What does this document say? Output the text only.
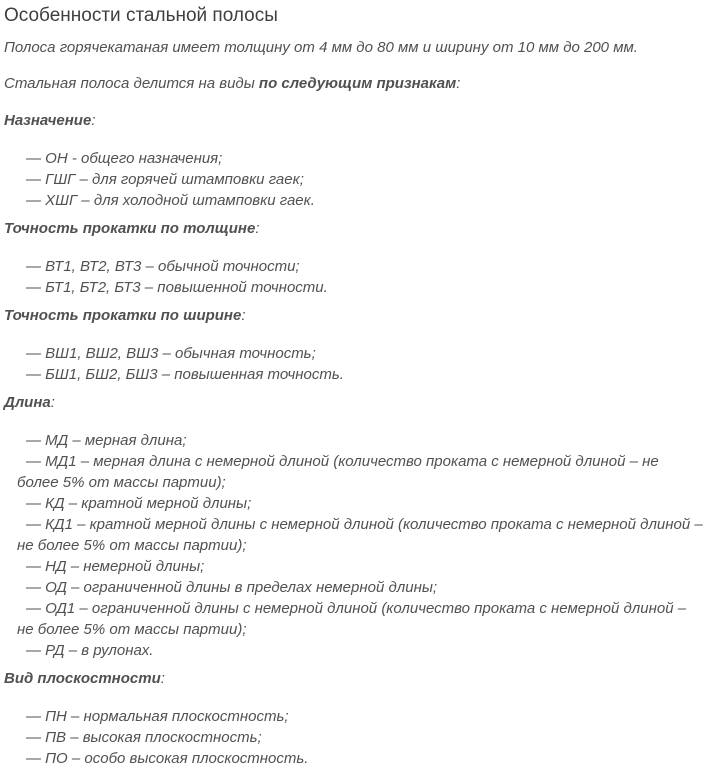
Особенности стальной полосы

Полоса горячекатаная имеет толщину от 4 мм до 80 мм и ширину от 10 мм до 200 мм.

Стальная полоса делится на виды по следующим признакам:

Назначение:

— ОН - общего назначения;

— ГШГ – для горячей штамповки гаек;

— ХШГ – для холодной штамповки гаек.

Точность прокатки по толщине:

— ВТ1, ВТ2, ВТ3 – обычной точности;

— БТ1, БТ2, БТ3 – повышенной точности.

Точность прокатки по ширине:

— ВШ1, ВШ2, ВШ3 – обычная точность;

— БШ1, БШ2, БШ3 – повышенная точность.

Длина:

— МД – мерная длина;

— МД1 – мерная длина с немерной длиной (количество проката с немерной длиной – не более 5% от массы партии);

— КД – кратной мерной длины;

— КД1 – кратной мерной длины с немерной длиной (количество проката с немерной длиной – не более 5% от массы партии);

— НД – немерной длины;

— ОД – ограниченной длины в пределах немерной длины;

— ОД1 – ограниченной длины с немерной длиной (количество проката с немерной длиной – не более 5% от массы партии);

— РД – в рулонах.

Вид плоскостности:

— ПН – нормальная плоскостность;

— ПВ – высокая плоскостность;

— ПО – особо высокая плоскостность.
